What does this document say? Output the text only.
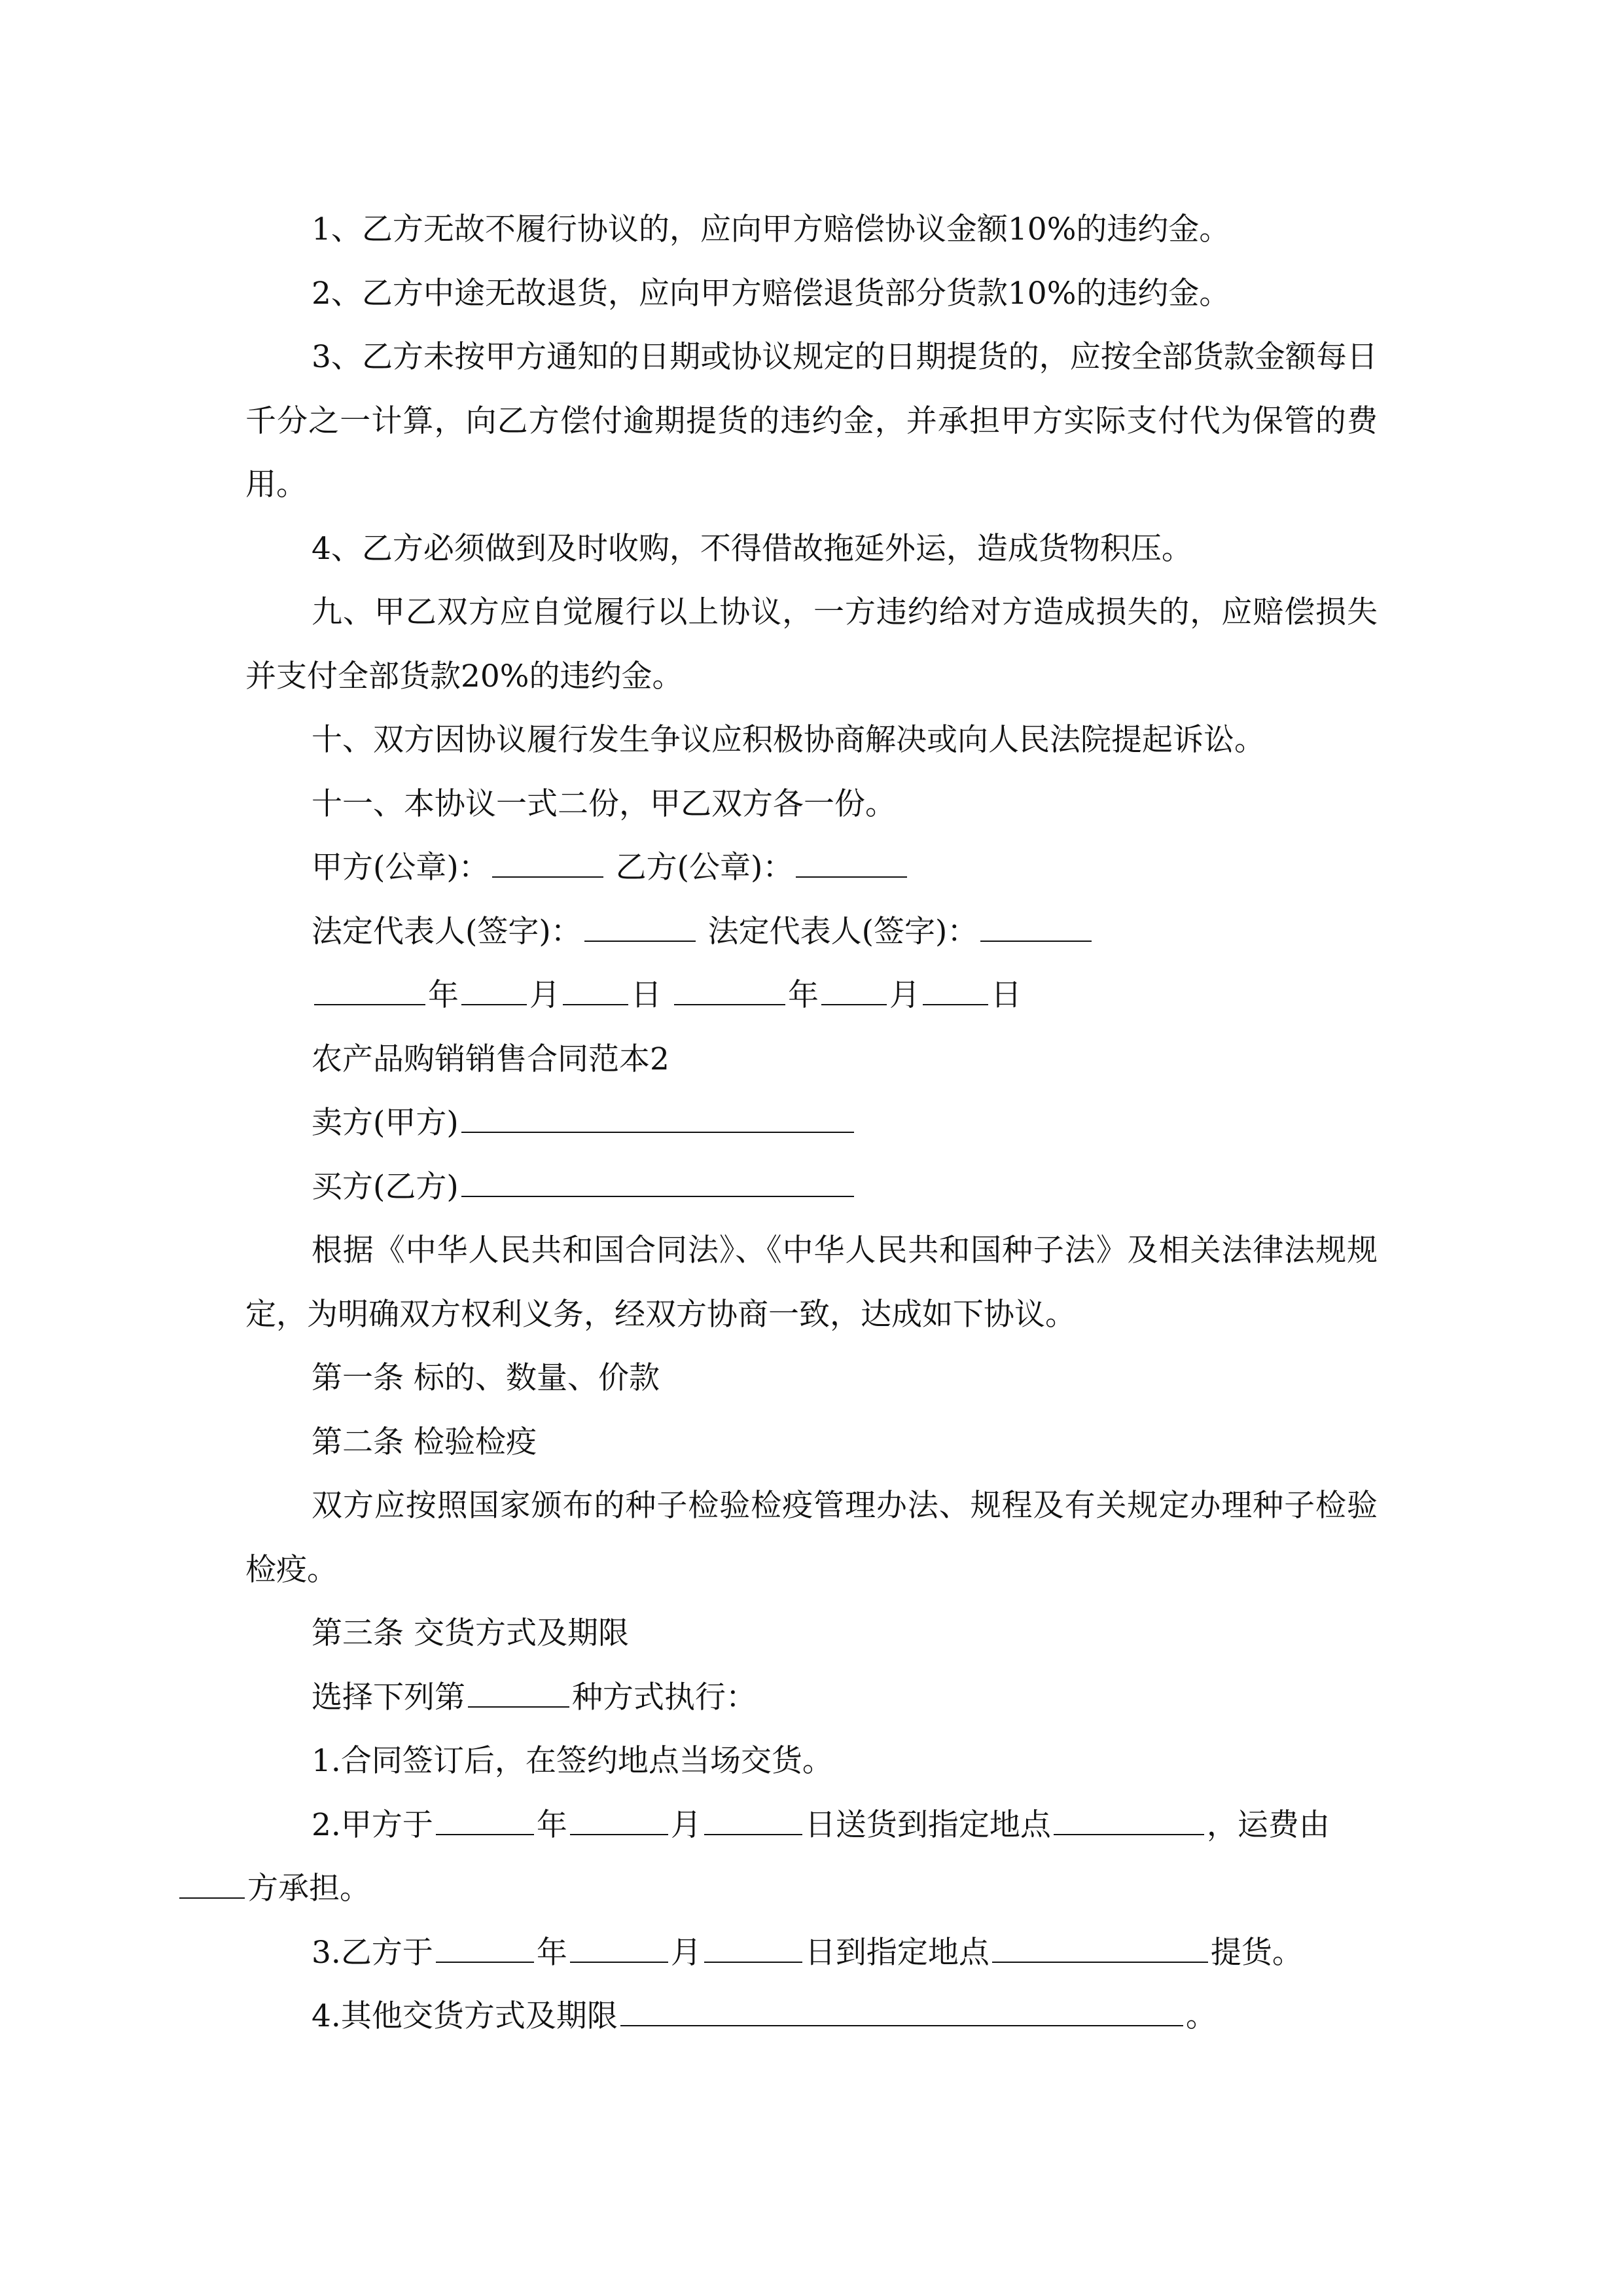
1、乙方无故不履行协议的，应向甲方赔偿协议金额10%的违约金。

2、乙方中途无故退货，应向甲方赔偿退货部分货款10%的违约金。

3、乙方未按甲方通知的日期或协议规定的日期提货的，应按全部货款金额每日千分之一计算，向乙方偿付逾期提货的违约金，并承担甲方实际支付代为保管的费用。

4、乙方必须做到及时收购，不得借故拖延外运，造成货物积压。

九、甲乙双方应自觉履行以上协议，一方违约给对方造成损失的，应赔偿损失并支付全部货款20%的违约金。

十、双方因协议履行发生争议应积极协商解决或向人民法院提起诉讼。

十一、本协议一式二份，甲乙双方各一份。

甲方(公章)：	乙方(公章)：

法定代表人(签字)：	法定代表人(签字)：

年 月 日	年 月 日

农产品购销销售合同范本2

卖方(甲方)

买方(乙方)

根据《中华人民共和国合同法》、《中华人民共和国种子法》及相关法律法规规定，为明确双方权利义务，经双方协商一致，达成如下协议。

第一条 标的、数量、价款

第二条 检验检疫

双方应按照国家颁布的种子检验检疫管理办法、规程及有关规定办理种子检验检疫。

第三条 交货方式及期限

选择下列第	种方式执行：

1.合同签订后，在签约地点当场交货。

2.甲方于	年	月	日送货到指定地点	，运费由
方承担。

3.乙方于	年	月	日到指定地点	提货。

4.其他交货方式及期限	。
